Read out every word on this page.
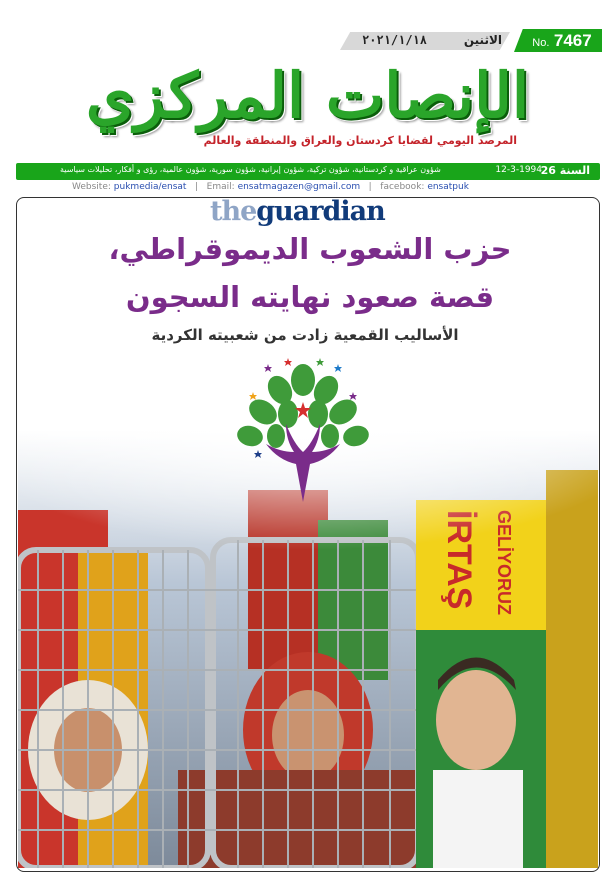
الاثنين
٢٠٢١/١/١٨	No. 7467
الإنصات المركزي
المرصد اليومي لقضايا كردستان والعراق والمنطقة والعالم
شؤون عراقية و كردستانية، شؤون تركية، شؤون إيرانية، شؤون سورية، شؤون عالمية، رؤى و أفكار، تحليلات سياسية	12-3-1994
السنة 26
Website: pukmedia/ensat   |   Email: ensatmagazen@gmail.com   |   facebook: ensatpuk
theguardian
حزب الشعوب الديموقراطي،
قصة صعود نهايته السجون
الأساليب القمعية زادت من شعبيته الكردية
